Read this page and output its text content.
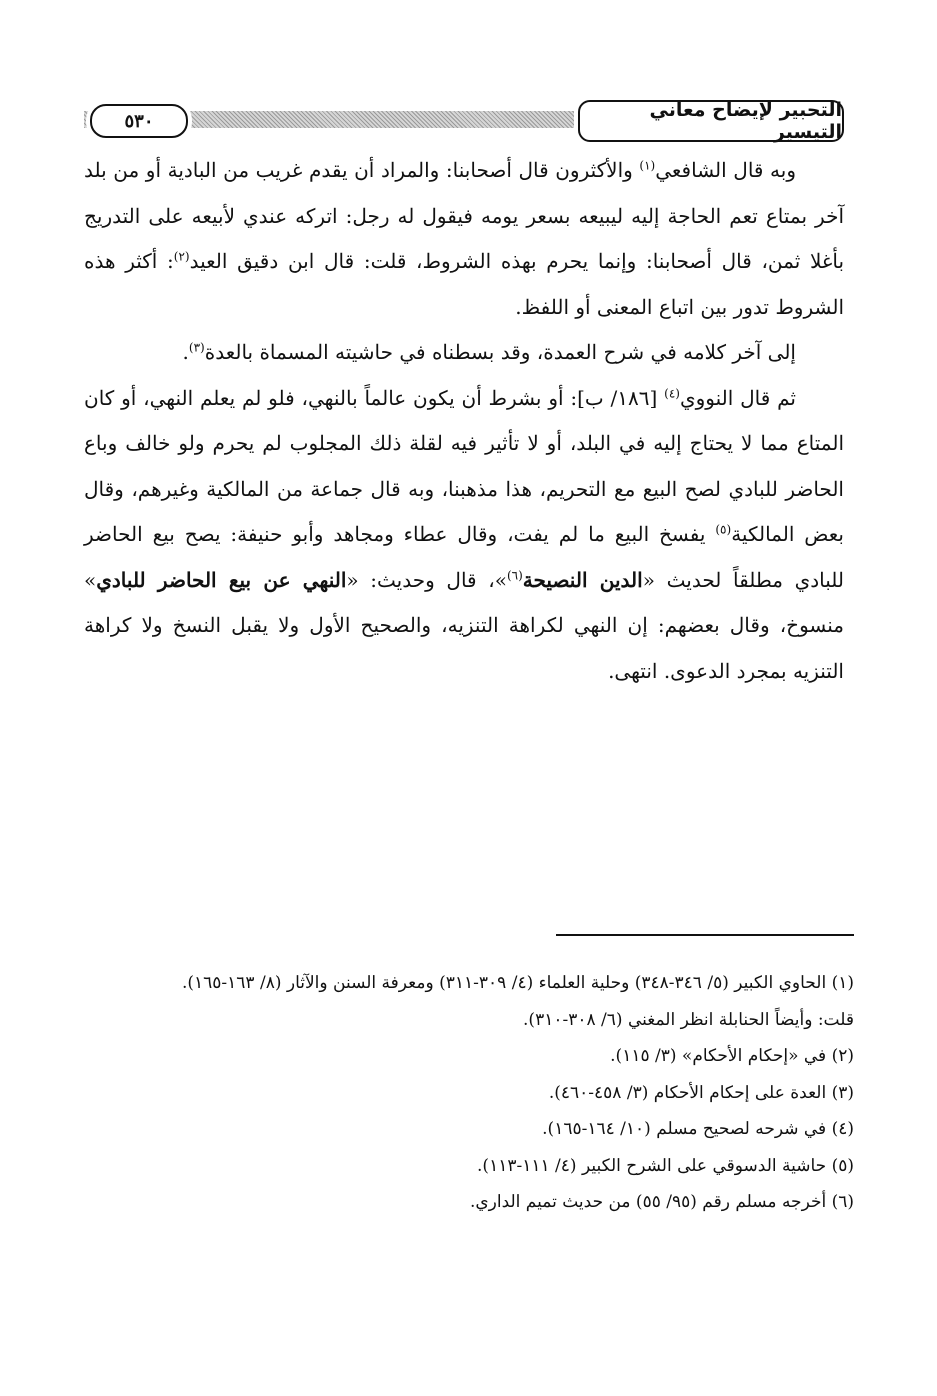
التحبير لإيضاح معاني التيسير
٥٣٠

وبه قال الشافعي$^{(١)}$ والأكثرون قال أصحابنا: والمراد أن يقدم غريب من البادية أو من بلد آخر بمتاع تعم الحاجة إليه ليبيعه بسعر يومه فيقول له رجل: اتركه عندي لأبيعه على التدريج بأغلا ثمن، قال أصحابنا: وإنما يحرم بهذه الشروط، قلت: قال ابن دقيق العيد$^{(٢)}$: أكثر هذه الشروط تدور بين اتباع المعنى أو اللفظ.

إلى آخر كلامه في شرح العمدة، وقد بسطناه في حاشيته المسماة بالعدة$^{(٣)}$.

ثم قال النووي$^{(٤)}$ [١٨٦/ ب]: أو بشرط أن يكون عالماً بالنهي، فلو لم يعلم النهي، أو كان المتاع مما لا يحتاج إليه في البلد، أو لا تأثير فيه لقلة ذلك المجلوب لم يحرم ولو خالف وباع الحاضر للبادي لصح البيع مع التحريم، هذا مذهبنا، وبه قال جماعة من المالكية وغيرهم، وقال بعض المالكية$^{(٥)}$ يفسخ البيع ما لم يفت، وقال عطاء ومجاهد وأبو حنيفة: يصح بيع الحاضر للبادي مطلقاً لحديث «الدين النصيحة$^{(٦)}$»، قال وحديث: «النهي عن بيع الحاضر للبادي» منسوخ، وقال بعضهم: إن النهي لكراهة التنزيه، والصحيح الأول ولا يقبل النسخ ولا كراهة التنزيه بمجرد الدعوى. انتهى.

(١) الحاوي الكبير (٥/ ٣٤٦-٣٤٨) وحلية العلماء (٤/ ٣٠٩-٣١١) ومعرفة السنن والآثار (٨/ ١٦٣-١٦٥).

قلت: وأيضاً الحنابلة انظر المغني (٦/ ٣٠٨-٣١٠).

(٢) في «إحكام الأحكام» (٣/ ١١٥).

(٣) العدة على إحكام الأحكام (٣/ ٤٥٨-٤٦٠).

(٤) في شرحه لصحيح مسلم (١٠/ ١٦٤-١٦٥).

(٥) حاشية الدسوقي على الشرح الكبير (٤/ ١١١-١١٣).

(٦) أخرجه مسلم رقم (٩٥/ ٥٥) من حديث تميم الداري.
